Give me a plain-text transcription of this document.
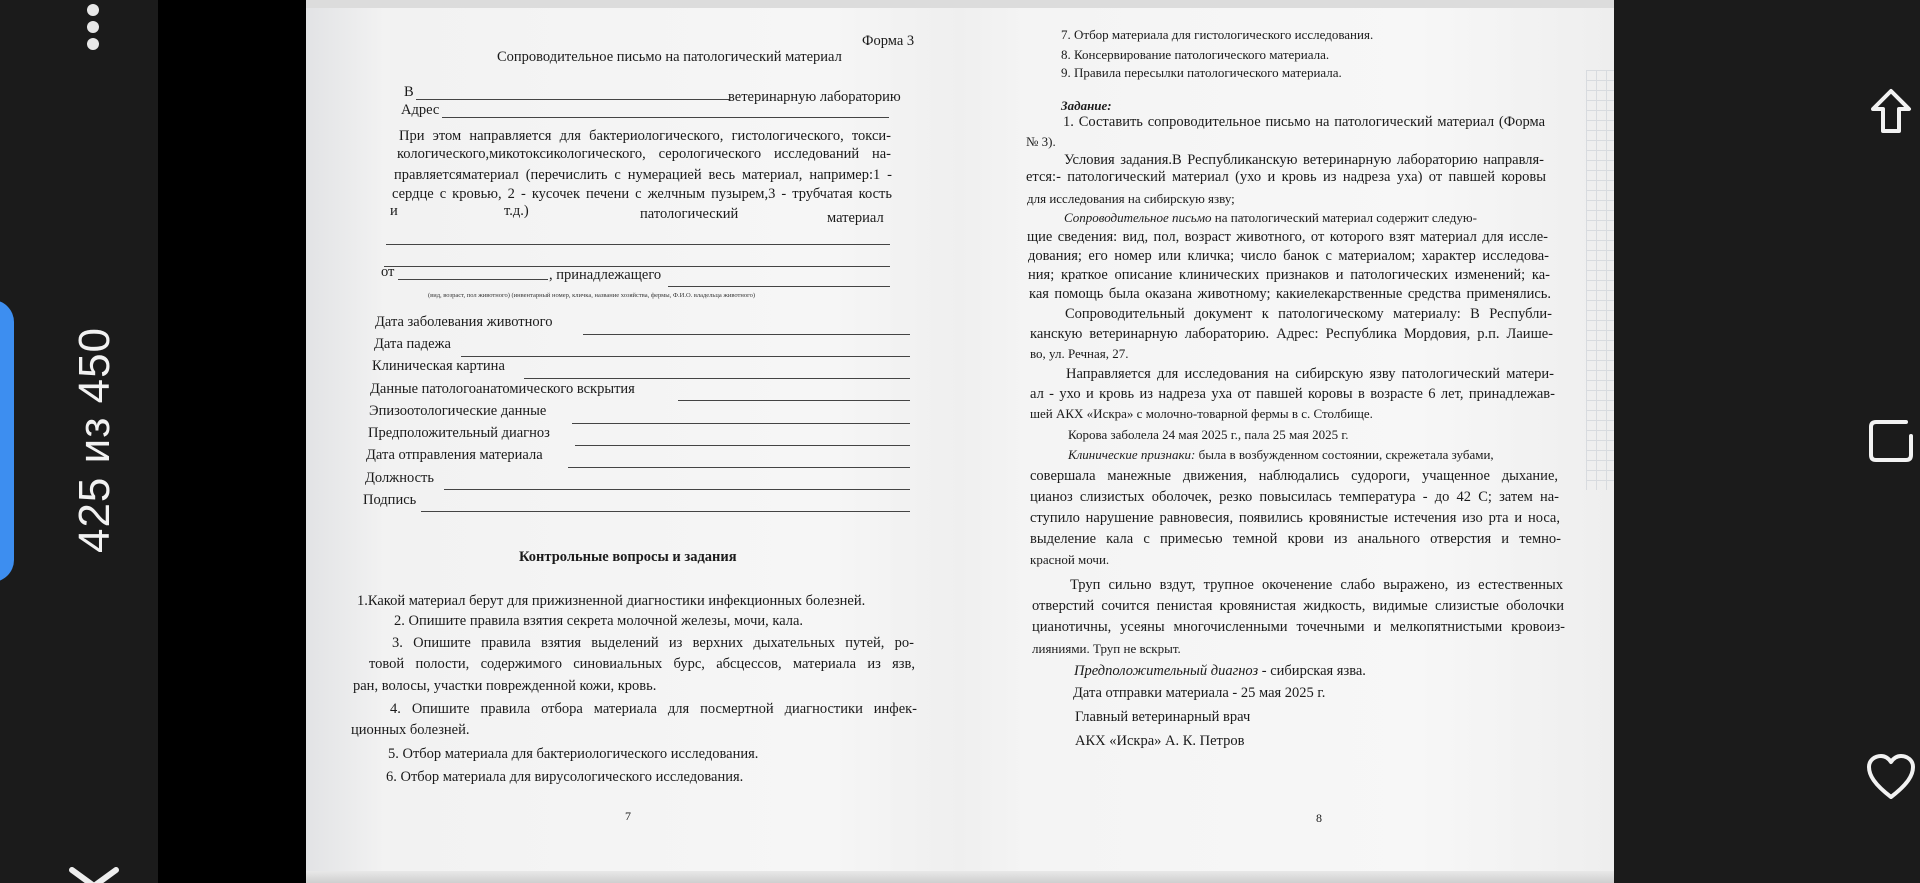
425 из 450
Форма 3
Сопроводительное письмо на патологический материал
В	ветеринарную лабораторию
Адрес
При этом направляется для бактериологического, гистологического, токси-
кологического,микотоксикологического, серологического исследований на-
правляетсяматериал (перечислить с нумерацией весь материал, например:1 -
сердце с кровью, 2 - кусочек печени с желчным пузырем,3 - трубчатая кость
и	т.д.)	патологический	материал
от	, принадлежащего
(вид, возраст, пол животного) (инвентарный номер, кличка, название хозяйства, фермы, Ф.И.О. владельца животного)
Дата заболевания животного
Дата падежа
Клиническая картина
Данные патологоанатомического вскрытия
Эпизоотологические данные
Предположительный диагноз
Дата отправления материала
Должность
Подпись
Контрольные вопросы и задания
1.Какой материал берут для прижизненной диагностики инфекционных болезней.
2. Опишите правила взятия секрета молочной железы, мочи, кала.
3. Опишите правила взятия выделений из верхних дыхательных путей, ро-
товой полости, содержимого синовиальных бурс, абсцессов, материала из язв,
ран, волосы, участки поврежденной кожи, кровь.
4. Опишите правила отбора материала для посмертной диагностики инфек-
ционных болезней.
5. Отбор материала для бактериологического исследования.
6. Отбор материала для вирусологического исследования.
7
7. Отбор материала для гистологического исследования.
8. Консервирование патологического материала.
9. Правила пересылки патологического материала.
Задание:
1. Составить сопроводительное письмо на патологический материал (Форма
№ 3).
Условия задания.В Республиканскую ветеринарную лабораторию направля-
ется:- патологический материал (ухо и кровь из надреза уха) от павшей коровы
для исследования на сибирскую язву;
Сопроводительное письмо на патологический материал содержит следую-
щие сведения: вид, пол, возраст животного, от которого взят материал для иссле-
дования; его номер или кличка; число банок с материалом; характер исследова-
ния; краткое описание клинических признаков и патологических изменений; ка-
кая помощь была оказана животному; какиелекарственные средства применялись.
Сопроводительный документ к патологическому материалу: В Республи-
канскую ветеринарную лабораторию. Адрес: Республика Мордовия, р.п. Лаише-
во, ул. Речная, 27.
Направляется для исследования на сибирскую язву патологический матери-
ал - ухо и кровь из надреза уха от павшей коровы в возрасте 6 лет, принадлежав-
шей АКХ «Искра» с молочно-товарной фермы в с. Столбище.
Корова заболела 24 мая 2025 г., пала 25 мая 2025 г.
Клинические признаки: была в возбужденном состоянии, скрежетала зубами,
совершала манежные движения, наблюдались судороги, учащенное дыхание,
цианоз слизистых оболочек, резко повысилась температура - до 42 С; затем на-
ступило нарушение равновесия, появились кровянистые истечения изо рта и носа,
выделение кала с примесью темной крови из анального отверстия и темно-
красной мочи.
Труп сильно вздут, трупное окоченение слабо выражено, из естественных
отверстий сочится пенистая кровянистая жидкость, видимые слизистые оболочки
цианотичны, усеяны многочисленными точечными и мелкопятнистыми кровоиз-
лияниями. Труп не вскрыт.
Предположительный диагноз - сибирская язва.
Дата отправки материала - 25 мая 2025 г.
Главный ветеринарный врач
АКХ «Искра» А. К. Петров
8
